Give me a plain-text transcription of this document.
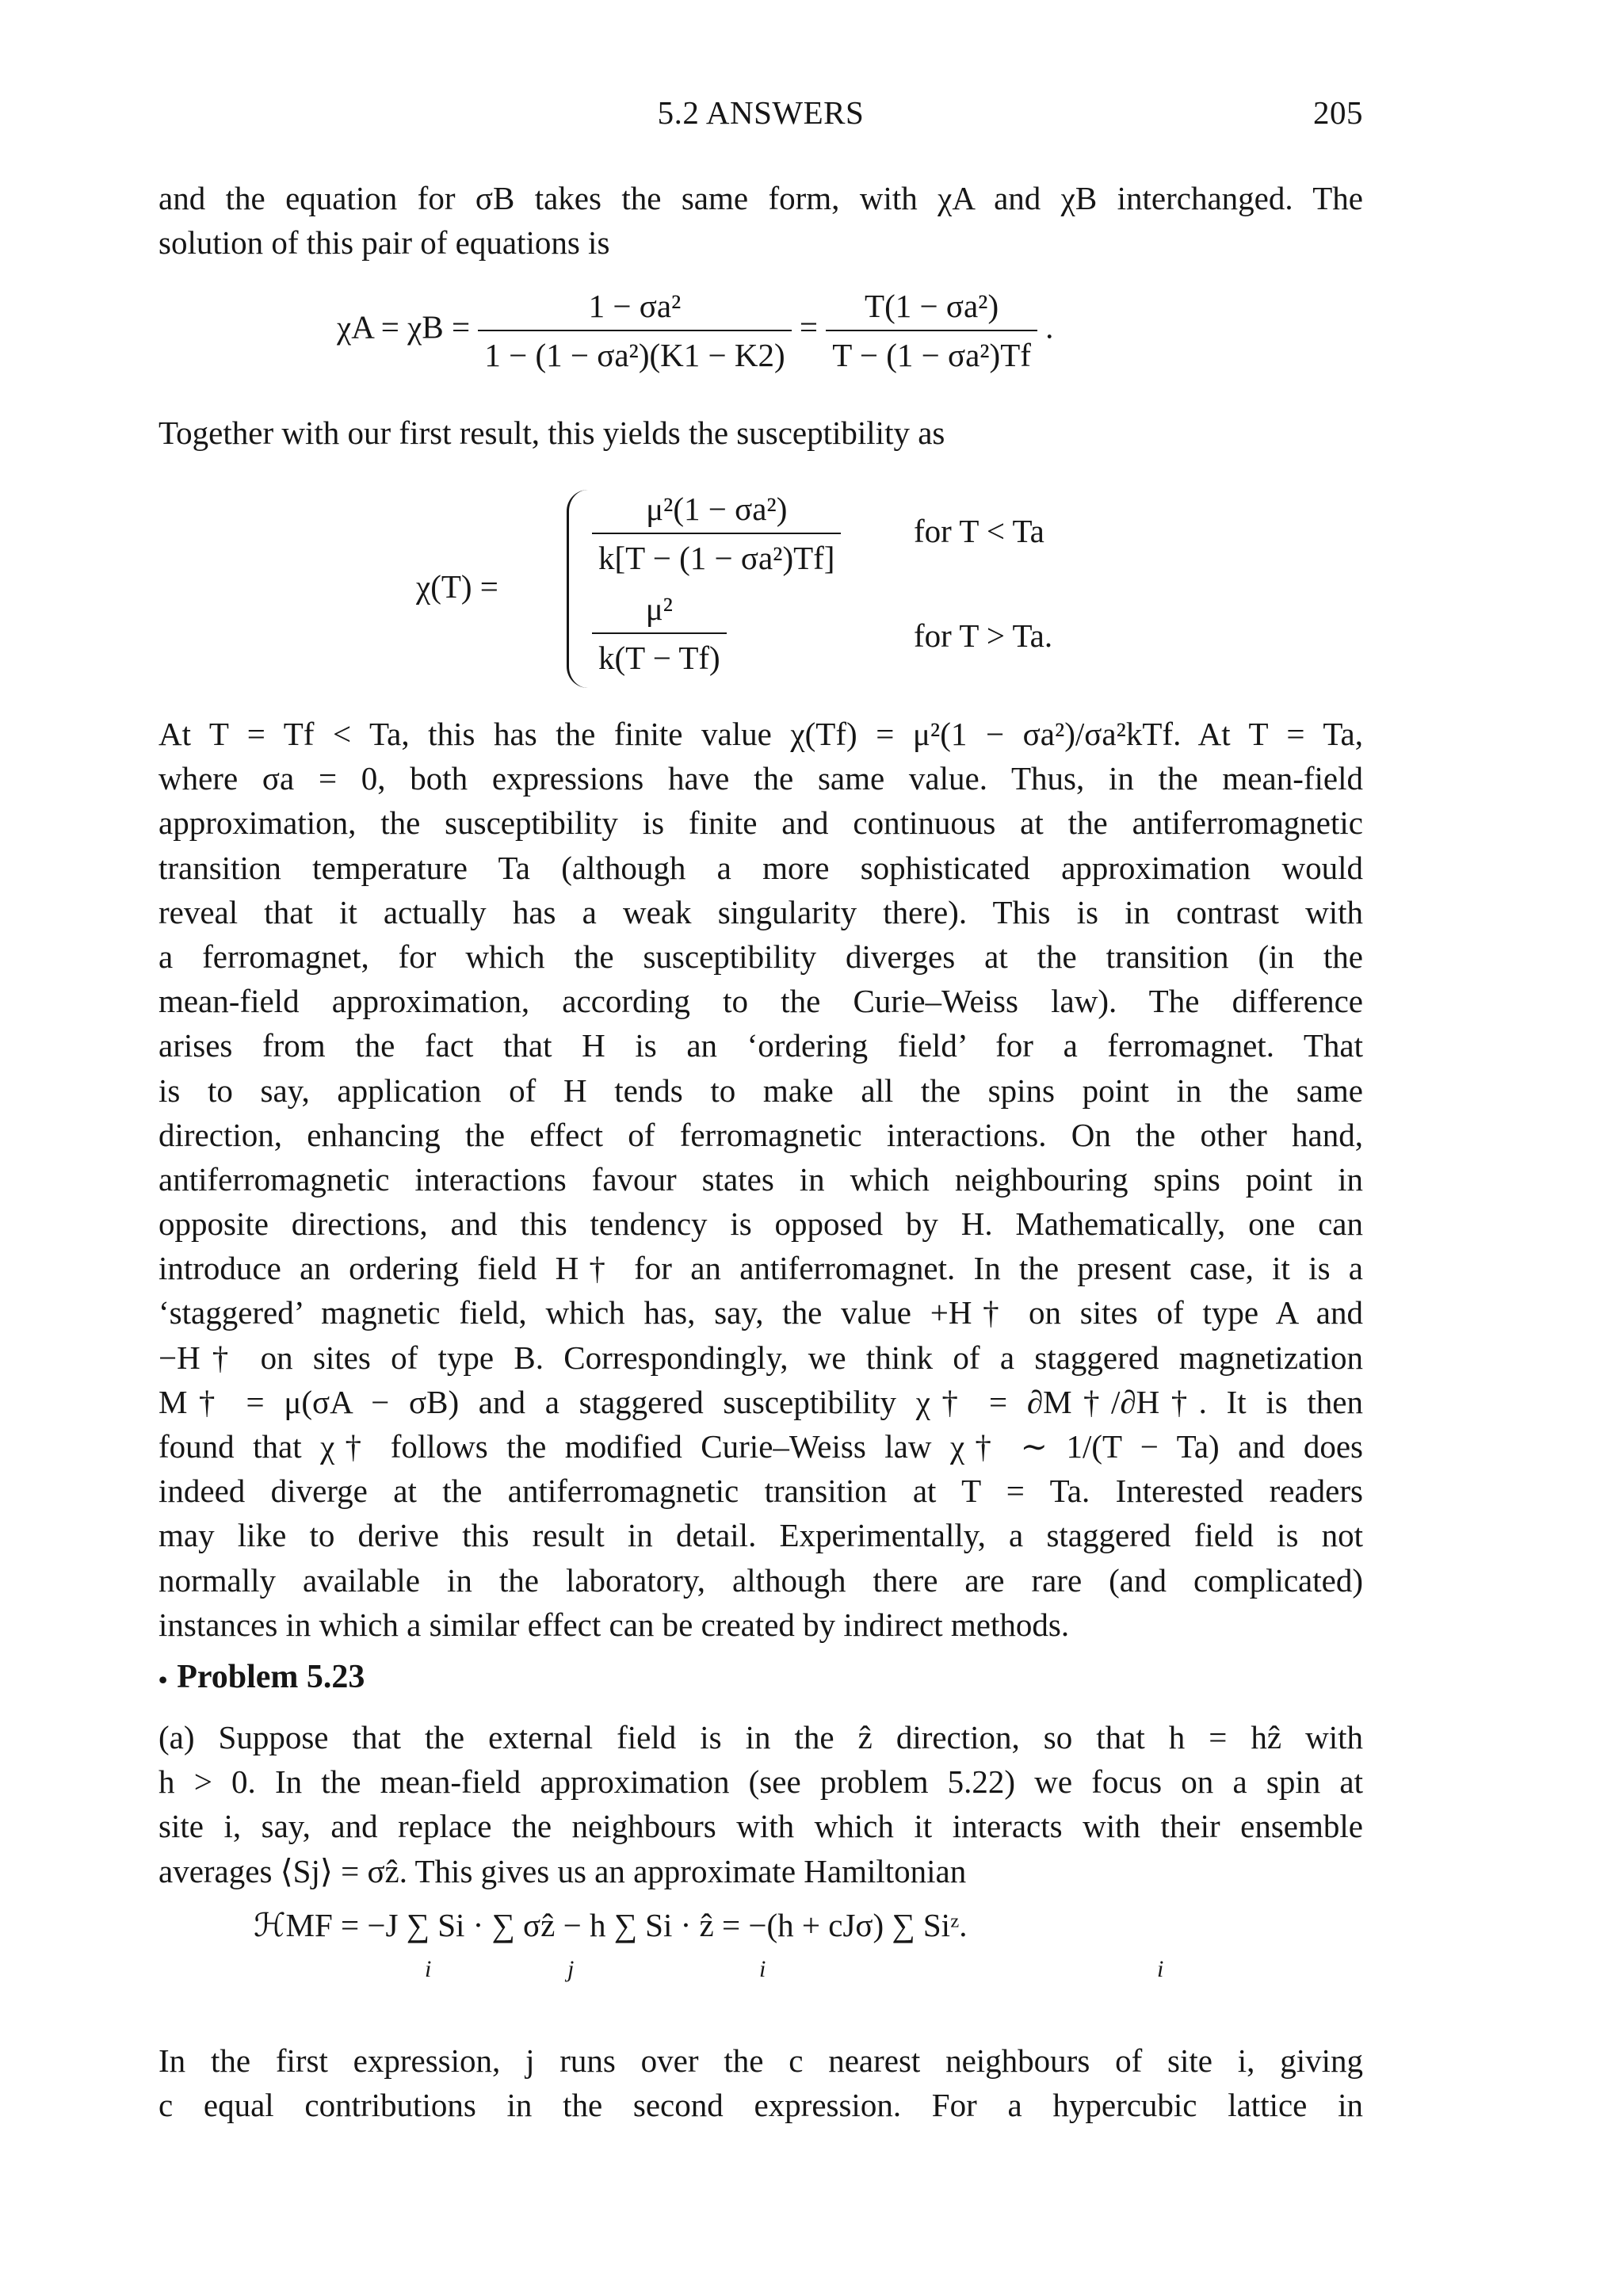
5.2 ANSWERS	205
and the equation for σB takes the same form, with χA and χB interchanged. The
solution of this pair of equations is
$\chi A = \chi B = \frac{\text{1 − σa²}}{\text{1 − (1 − σa²)(K1 − K2)}} = \frac{\text{T(1 − σa²)}}{\text{T − (1 − σa²)Tf}}$ .
Together with our first result, this yields the susceptibility as
χ(T) =
$\frac{\text{μ²(1 − σa²)}}{\text{k[T − (1 − σa²)Tf]}}$ for T < Ta
$\frac{\text{μ²}}{k(T - Tf)}$	for T > Ta.
At T = Tf < Ta, this has the finite value χ(Tf) = μ²(1 − σa²)/σa²kTf. At T = Ta,
where σa = 0, both expressions have the same value. Thus, in the mean-field
approximation, the susceptibility is finite and continuous at the antiferromagnetic
transition temperature Ta (although a more sophisticated approximation would
reveal that it actually has a weak singularity there). This is in contrast with
a ferromagnet, for which the susceptibility diverges at the transition (in the
mean-field approximation, according to the Curie–Weiss law). The difference
arises from the fact that H is an ‘ordering field’ for a ferromagnet. That
is to say, application of H tends to make all the spins point in the same
direction, enhancing the effect of ferromagnetic interactions. On the other hand,
antiferromagnetic interactions favour states in which neighbouring spins point in
opposite directions, and this tendency is opposed by H. Mathematically, one can
introduce an ordering field H† for an antiferromagnet. In the present case, it is a
‘staggered’ magnetic field, which has, say, the value +H† on sites of type A and
−H† on sites of type B. Correspondingly, we think of a staggered magnetization
M† = μ(σA − σB) and a staggered susceptibility χ† = ∂M†/∂H†. It is then
found that χ† follows the modified Curie–Weiss law χ† ∼ 1/(T − Ta) and does
indeed diverge at the antiferromagnetic transition at T = Ta. Interested readers
may like to derive this result in detail. Experimentally, a staggered field is not
normally available in the laboratory, although there are rare (and complicated)
instances in which a similar effect can be created by indirect methods.
• Problem 5.23
(a) Suppose that the external field is in the ẑ direction, so that h = hẑ with
h > 0. In the mean-field approximation (see problem 5.22) we focus on a spin at
site i, say, and replace the neighbours with which it interacts with their ensemble
averages ⟨Sj⟩ = σẑ. This gives us an approximate Hamiltonian
ℋMF = −J ∑ Si · ∑ σẑ − h ∑ Si · ẑ = −(h + cJσ) ∑ Siᶻ.
i	j	i	i
In the first expression, j runs over the c nearest neighbours of site i, giving
c equal contributions in the second expression. For a hypercubic lattice in
